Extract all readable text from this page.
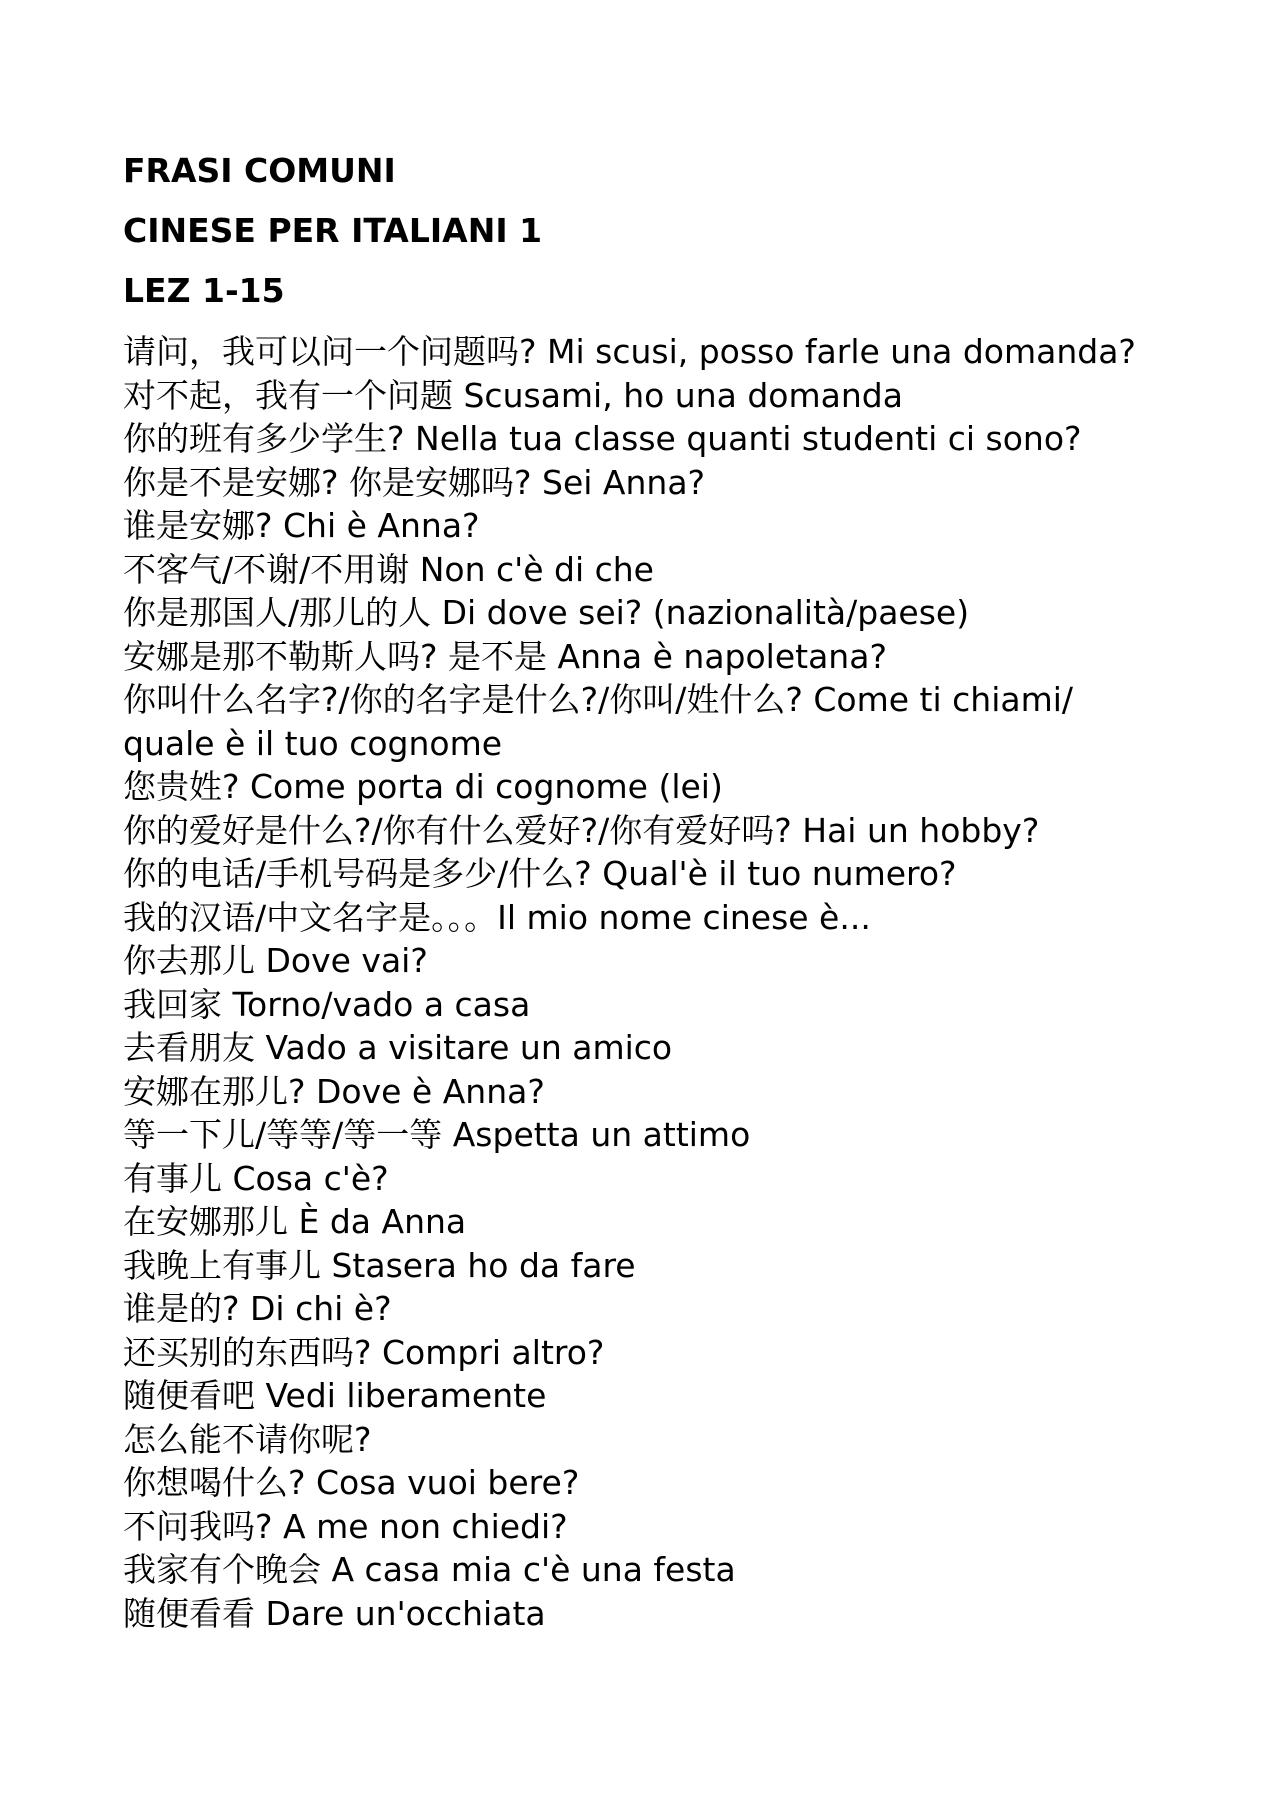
FRASI COMUNI
CINESE PER ITALIANI 1
LEZ 1-15
请问，我可以问一个问题吗? Mi scusi, posso farle una domanda?
对不起，我有一个问题 Scusami, ho una domanda
你的班有多少学生? Nella tua classe quanti studenti ci sono?
你是不是安娜? 你是安娜吗? Sei Anna?
谁是安娜? Chi è Anna?
不客气/不谢/不用谢 Non c'è di che
你是那国人/那儿的人 Di dove sei? (nazionalità/paese)
安娜是那不勒斯人吗? 是不是 Anna è napoletana?
你叫什么名字?/你的名字是什么?/你叫/姓什么? Come ti chiami/ quale è il tuo cognome
您贵姓? Come porta di cognome (lei)
你的爱好是什么?/你有什么爱好?/你有爱好吗? Hai un hobby?
你的电话/手机号码是多少/什么? Qual'è il tuo numero?
我的汉语/中文名字是。。。Il mio nome cinese è...
你去那儿 Dove vai?
我回家 Torno/vado a casa
去看朋友 Vado a visitare un amico
安娜在那儿? Dove è Anna?
等一下儿/等等/等一等 Aspetta un attimo
有事儿 Cosa c'è?
在安娜那儿 È da Anna
我晚上有事儿 Stasera ho da fare
谁是的? Di chi è?
还买别的东西吗? Compri altro?
随便看吧 Vedi liberamente
怎么能不请你呢?
你想喝什么? Cosa vuoi bere?
不问我吗? A me non chiedi?
我家有个晚会 A casa mia c'è una festa
随便看看 Dare un'occhiata
